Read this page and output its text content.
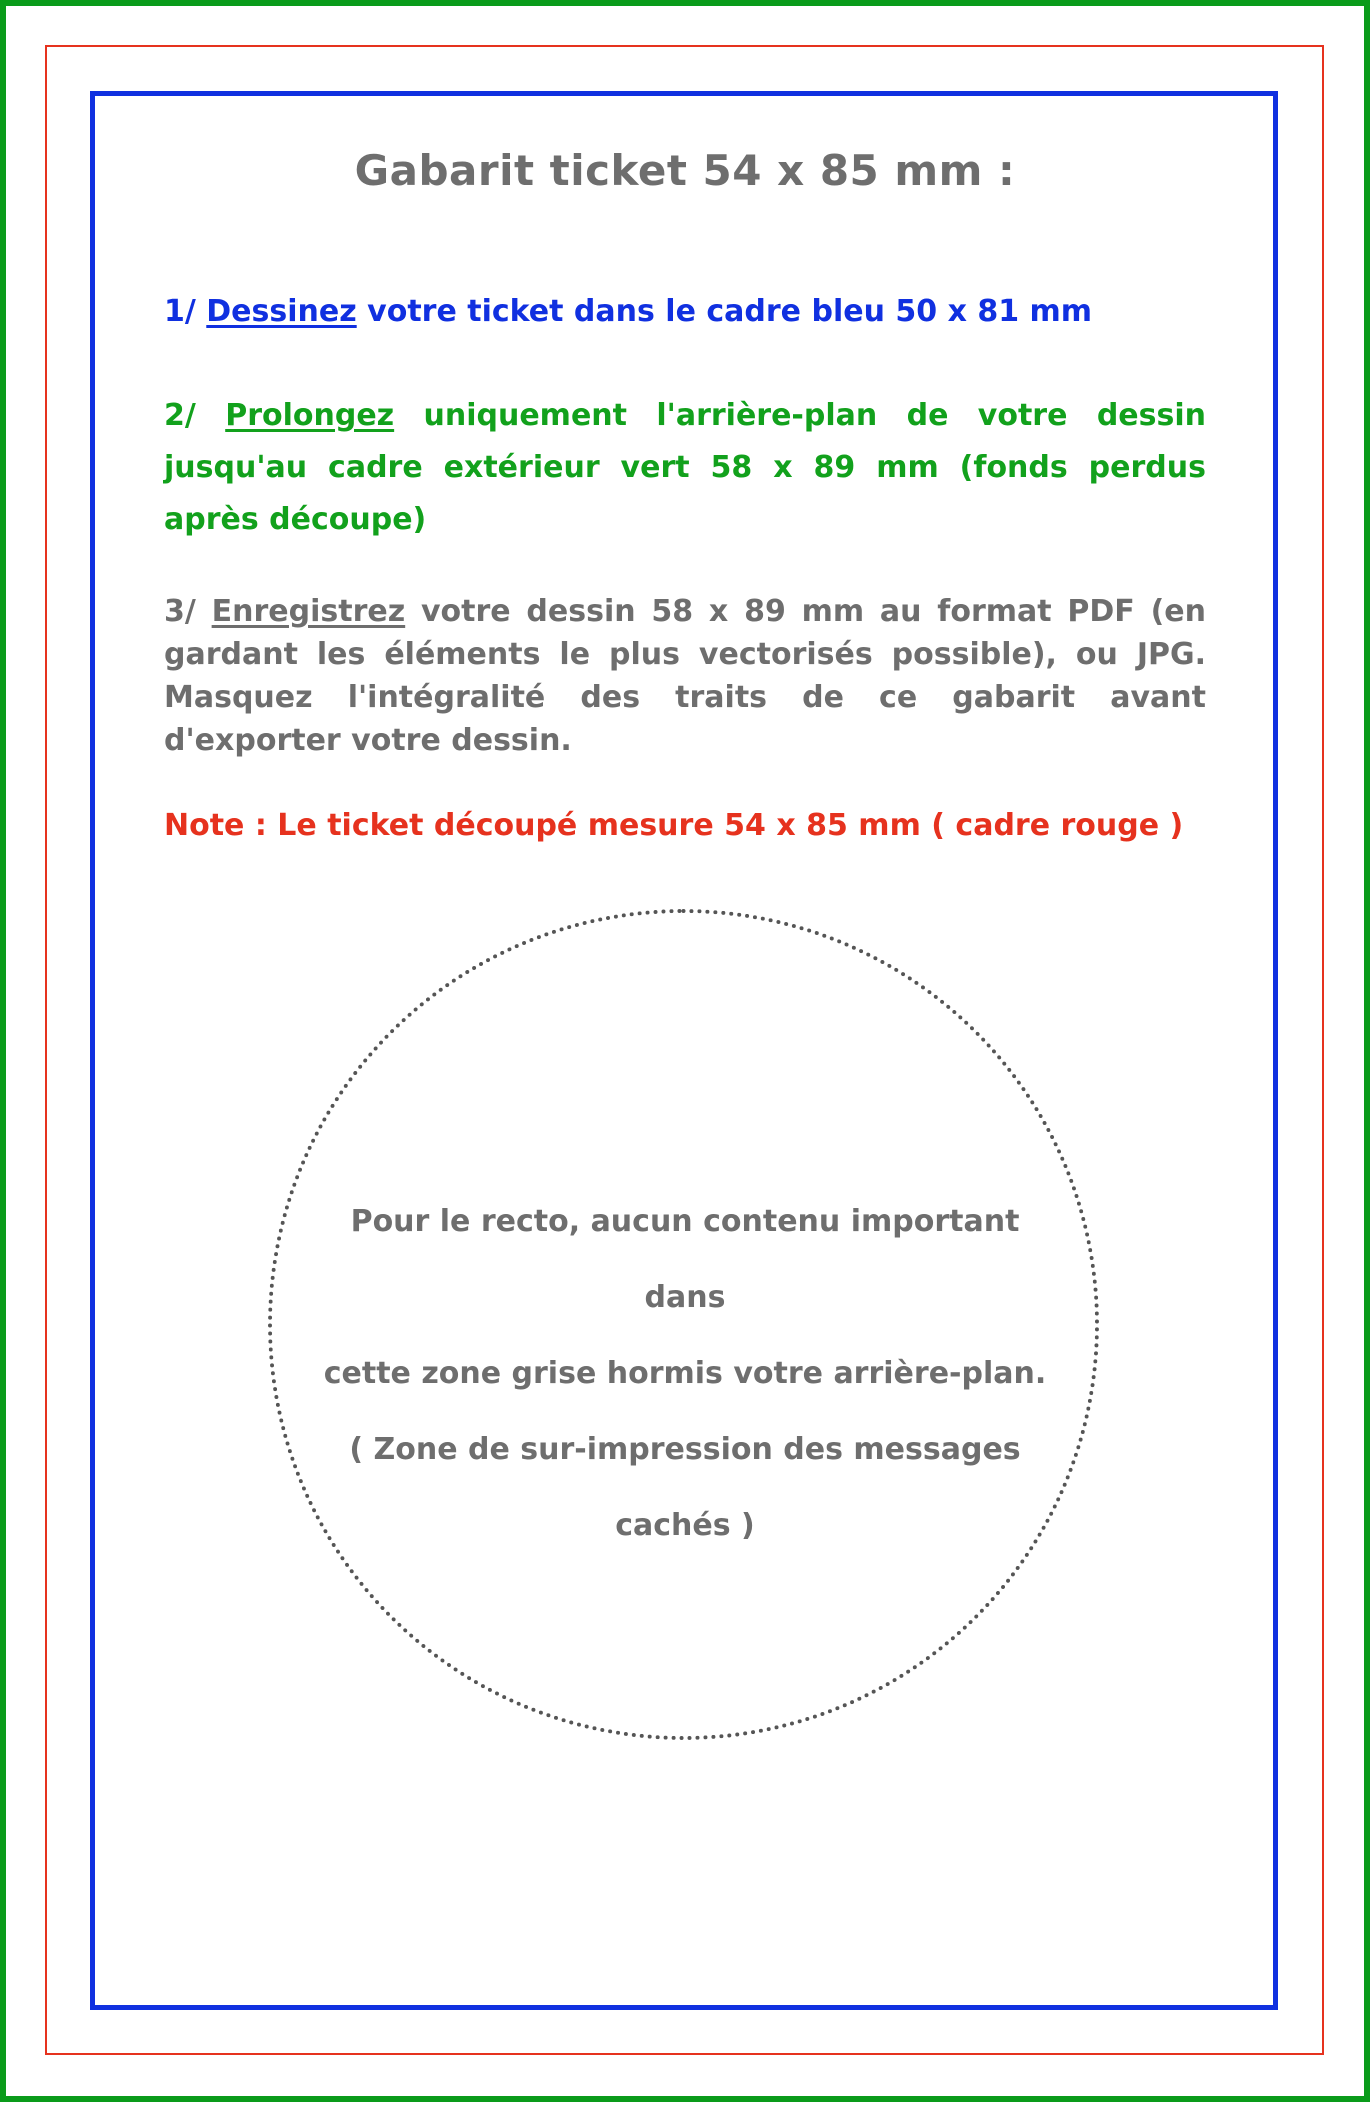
Gabarit ticket 54 x 85 mm :
1/ Dessinez votre ticket dans le cadre bleu 50 x 81 mm
2/ Prolongez uniquement l'arrière-plan de votre dessin jusqu'au cadre extérieur vert 58 x 89 mm (fonds perdus après découpe)
3/ Enregistrez votre dessin 58 x 89 mm au format PDF (en gardant les éléments le plus vectorisés possible), ou JPG. Masquez l'intégralité des traits de ce gabarit avant d'exporter votre dessin.
Note : Le ticket découpé mesure 54 x 85 mm ( cadre rouge )
Pour le recto, aucun contenu important dans
cette zone grise hormis votre arrière-plan.
( Zone de sur-impression des messages
cachés )
